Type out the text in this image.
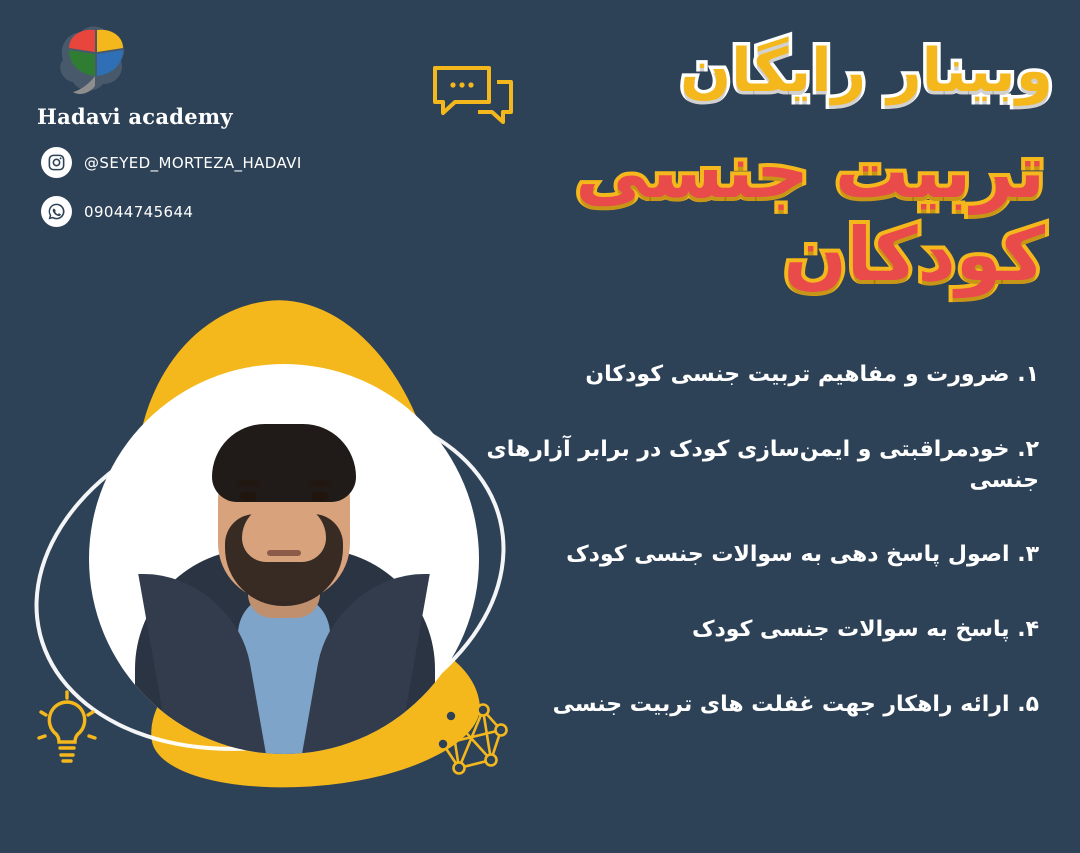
Hadavi academy
@SEYED_MORTEZA_HADAVI
09044745644
وبینار رایگان
تربیت جنسی کودکان
۱. ضرورت و مفاهیم تربیت جنسی کودکان
۲. خودمراقبتی و ایمن‌سازی کودک در برابر آزارهای جنسی
۳. اصول پاسخ دهی به سوالات جنسی کودک
۴. پاسخ به سوالات جنسی کودک
۵. ارائه راهکار جهت غفلت های تربیت جنسی
